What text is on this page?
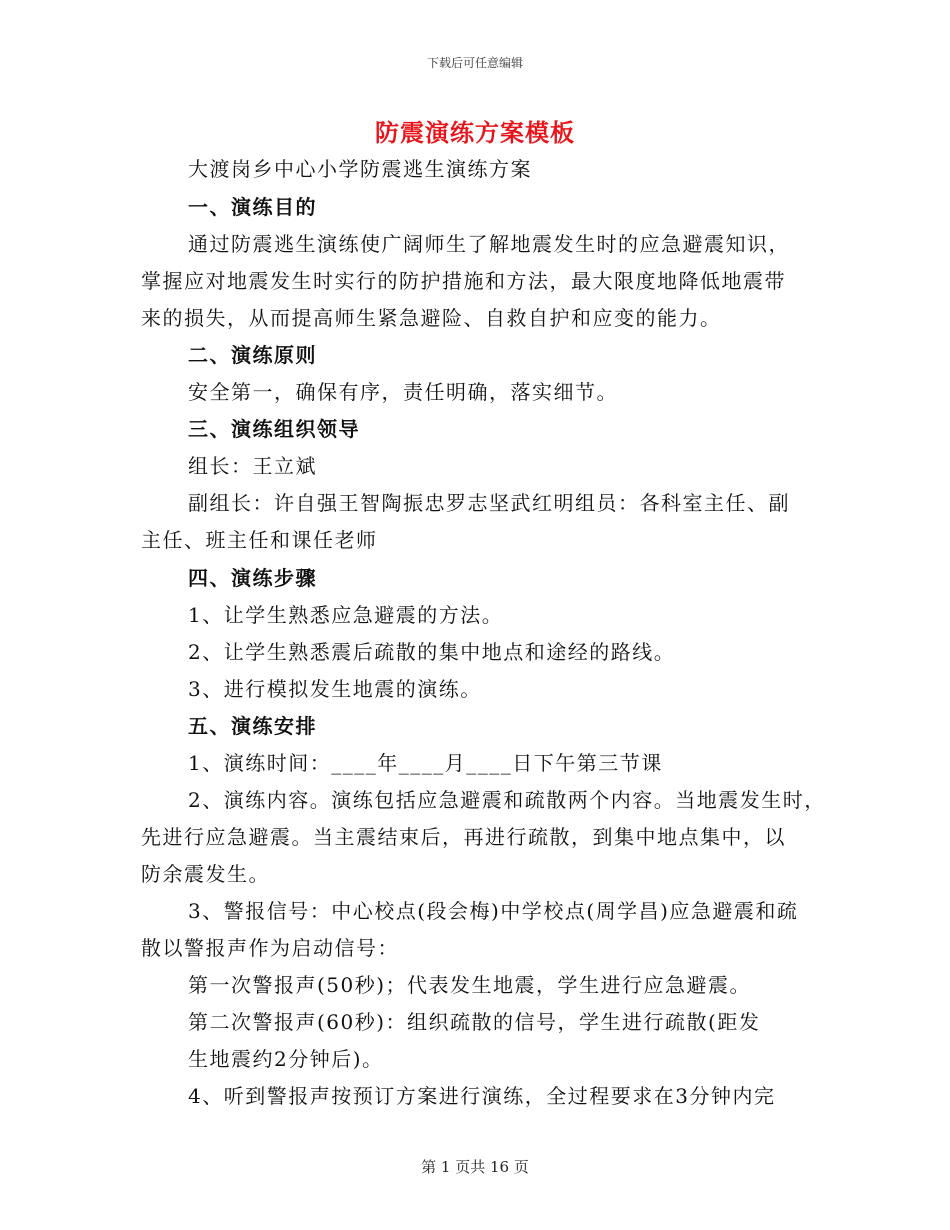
下载后可任意编辑
防震演练方案模板
大渡岗乡中心小学防震逃生演练方案
一、演练目的
通过防震逃生演练使广阔师生了解地震发生时的应急避震知识，
掌握应对地震发生时实行的防护措施和方法，最大限度地降低地震带
来的损失，从而提高师生紧急避险、自救自护和应变的能力。
二、演练原则
安全第一，确保有序，责任明确，落实细节。
三、演练组织领导
组长：王立斌
副组长：许自强王智陶振忠罗志坚武红明组员：各科室主任、副
主任、班主任和课任老师
四、演练步骤
1、让学生熟悉应急避震的方法。
2、让学生熟悉震后疏散的集中地点和途经的路线。
3、进行模拟发生地震的演练。
五、演练安排
1、演练时间：____年____月____日下午第三节课
2、演练内容。演练包括应急避震和疏散两个内容。当地震发生时，
先进行应急避震。当主震结束后，再进行疏散，到集中地点集中，以
防余震发生。
3、警报信号：中心校点(段会梅)中学校点(周学昌)应急避震和疏
散以警报声作为启动信号：
第一次警报声(50秒)；代表发生地震，学生进行应急避震。
第二次警报声(60秒)：组织疏散的信号，学生进行疏散(距发
生地震约2分钟后)。
4、听到警报声按预订方案进行演练，全过程要求在3分钟内完
第 1 页共 16 页
